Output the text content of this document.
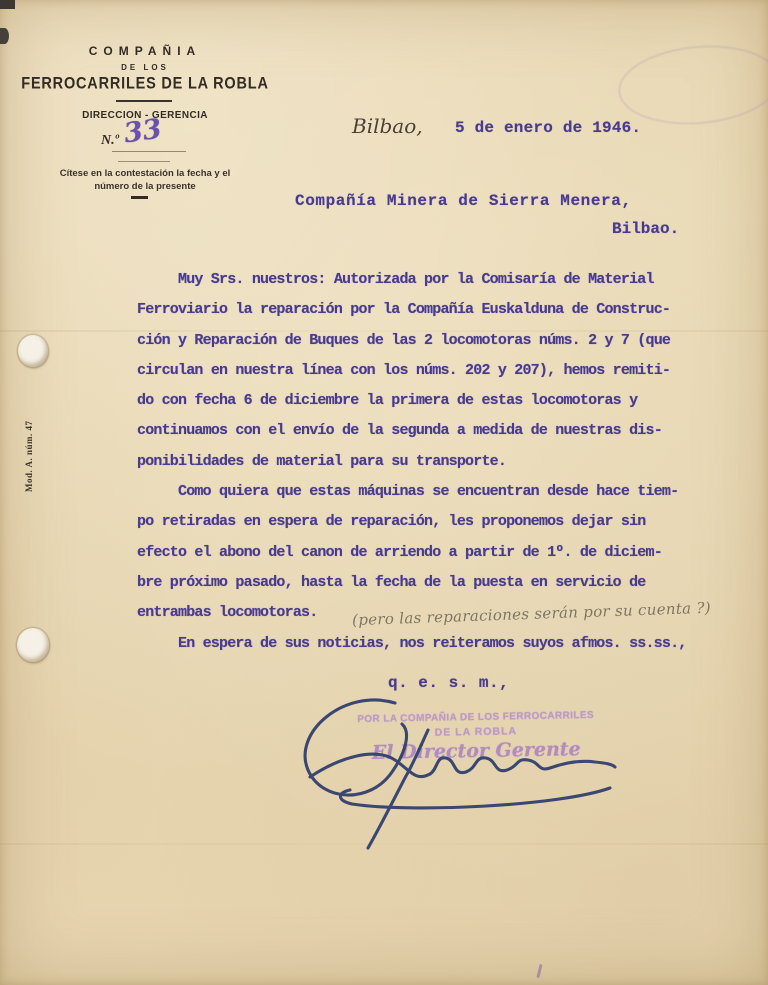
COMPAÑIA
DE LOS
FERROCARRILES DE LA ROBLA
DIRECCION - GERENCIA
N.º 33
Cítese en la contestación la fecha y el
número de la presente
Mod. A. núm. 47
Bilbao, 5 de enero de 1946.
Compañía Minera de Sierra Menera,
Bilbao.
Muy Srs. nuestros: Autorizada por la Comisaría de Material
Ferroviario la reparación por la Compañía Euskalduna de Construc-
ción y Reparación de Buques de las 2 locomotoras núms. 2 y 7 (que
circulan en nuestra línea con los núms. 202 y 207), hemos remiti-
do con fecha 6 de diciembre la primera de estas locomotoras y
continuamos con el envío de la segunda a medida de nuestras dis-
ponibilidades de material para su transporte.
Como quiera que estas máquinas se encuentran desde hace tiem-
po retiradas en espera de reparación, les proponemos dejar sin
efecto el abono del canon de arriendo a partir de 1º. de diciem-
bre próximo pasado, hasta la fecha de la puesta en servicio de
entrambas locomotoras.
En espera de sus noticias, nos reiteramos suyos afmos. ss.ss.,
(pero las reparaciones serán por su cuenta ?)
q. e. s. m.,
POR LA COMPAÑIA DE LOS FERROCARRILES
DE LA ROBLA
El Director Gerente
